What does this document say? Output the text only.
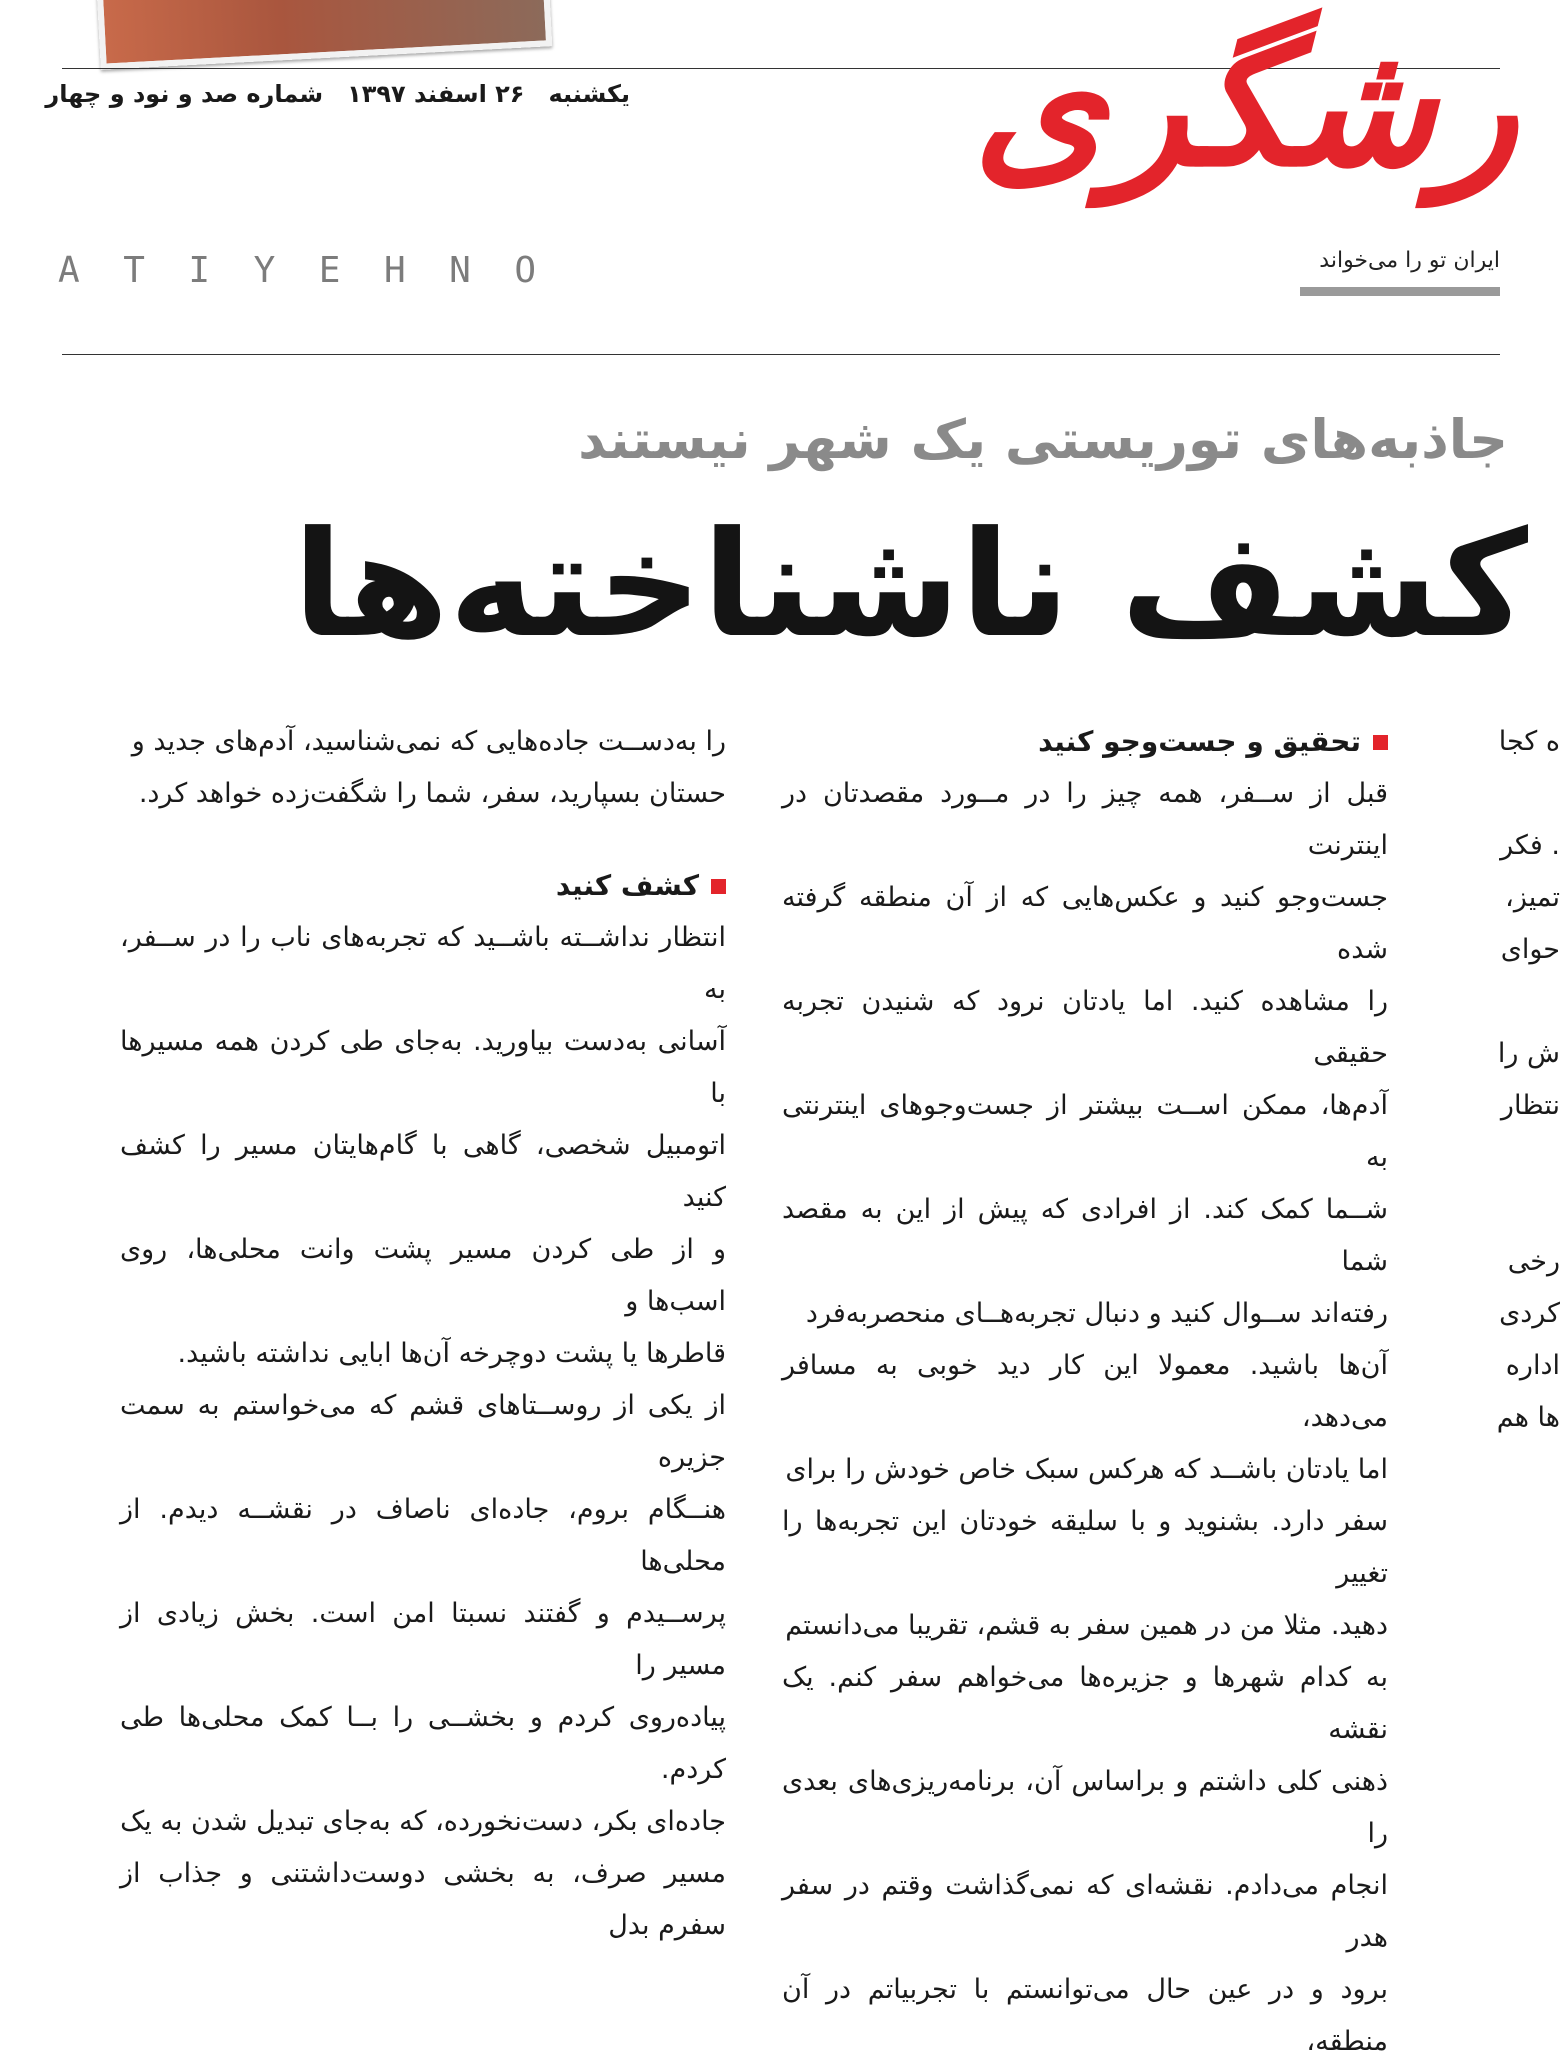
یکشنبه
۲۶ اسفند ۱۳۹۷
شماره صد و نود و چهار	رشگری
ایران تو را می‌خواند
A T I Y E H N O
جاذبه‌های توریستی یک شهر نیستند
کشف ناشناخته‌ها

ه کجا

. فکر

تمیز،

حوای

ش را

نتظار

رخی

کردی

اداره

ها هم

تحقیق و جست‌وجو کنید

قبل از ســفر، همه چیز را در مــورد مقصدتان در اینترنت

جست‌وجو کنید و عکس‌هایی که از آن منطقه گرفته شده

را مشاهده کنید. اما یادتان نرود که شنیدن تجربه حقیقی

آدم‌ها، ممکن اســت بیشتر از جست‌وجوهای اینترنتی به

شــما کمک کند. از افرادی که پیش از این به مقصد شما

رفته‌اند ســوال کنید و دنبال تجربه‌هــای منحصربه‌فرد

آن‌ها باشید. معمولا این کار دید خوبی به مسافر می‌دهد،

اما یادتان باشــد که هرکس سبک خاص خودش را برای

سفر دارد. بشنوید و با سلیقه خودتان این تجربه‌ها را تغییر

دهید. مثلا من در همین سفر به قشم، تقریبا می‌دانستم

به کدام شهرها و جزیره‌ها می‌خواهم سفر کنم. یک نقشه

ذهنی کلی داشتم و براساس آن، برنامه‌ریزی‌های بعدی را

انجام می‌دادم. نقشه‌ای که نمی‌گذاشت وقتم در سفر هدر

برود و در عین حال می‌توانستم با تجربیاتم در آن منطقه،

را به‌دســت جاده‌هایی که نمی‌شناسید، آدم‌های جدید و

حستان بسپارید، سفر، شما را شگفت‌زده خواهد کرد.

کشف کنید

انتظار نداشــته باشــید که تجربه‌های ناب را در ســفر، به

آسانی به‌دست بیاورید. به‌جای طی کردن همه مسیرها با

اتومبیل شخصی، گاهی با گام‌هایتان مسیر را کشف کنید

و از طی کردن مسیر پشت وانت محلی‌ها، روی اسب‌ها و

قاطرها یا پشت دوچرخه آن‌ها ابایی نداشته باشید.

از یکی از روســتاهای قشم که می‌خواستم به سمت جزیره

هنــگام بروم، جاده‌ای ناصاف در نقشــه دیدم. از محلی‌ها

پرســیدم و گفتند نسبتا امن است. بخش زیادی از مسیر را

پیاده‌روی کردم و بخشــی را بــا کمک محلی‌ها طی کردم.

جاده‌ای بکر، دست‌نخورده، که به‌جای تبدیل شدن به یک

مسیر صرف، به بخشی دوست‌داشتنی و جذاب از سفرم بدل
